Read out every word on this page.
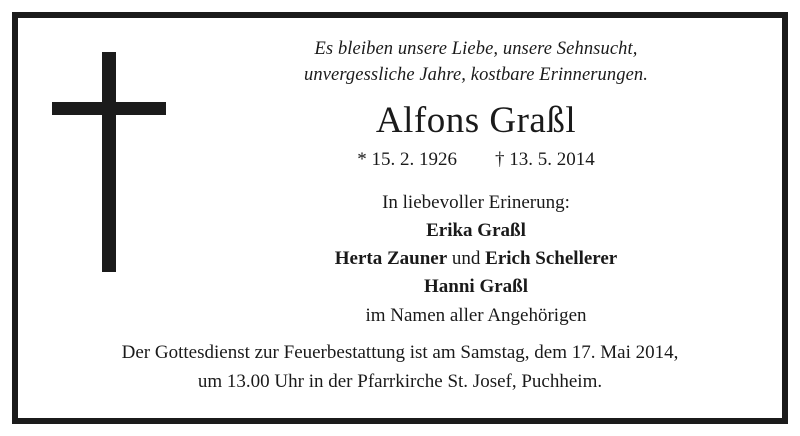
Es bleiben unsere Liebe, unsere Sehnsucht,
unvergessliche Jahre, kostbare Erinnerungen.

Alfons Graßl

* 15. 2. 1926 † 13. 5. 2014

In liebevoller Erinerung:

Erika Graßl
Herta Zauner und Erich Schellerer
Hanni Graßl

im Namen aller Angehörigen

Der Gottesdienst zur Feuerbestattung ist am Samstag, dem 17. Mai 2014,
um 13.00 Uhr in der Pfarrkirche St. Josef, Puchheim.
